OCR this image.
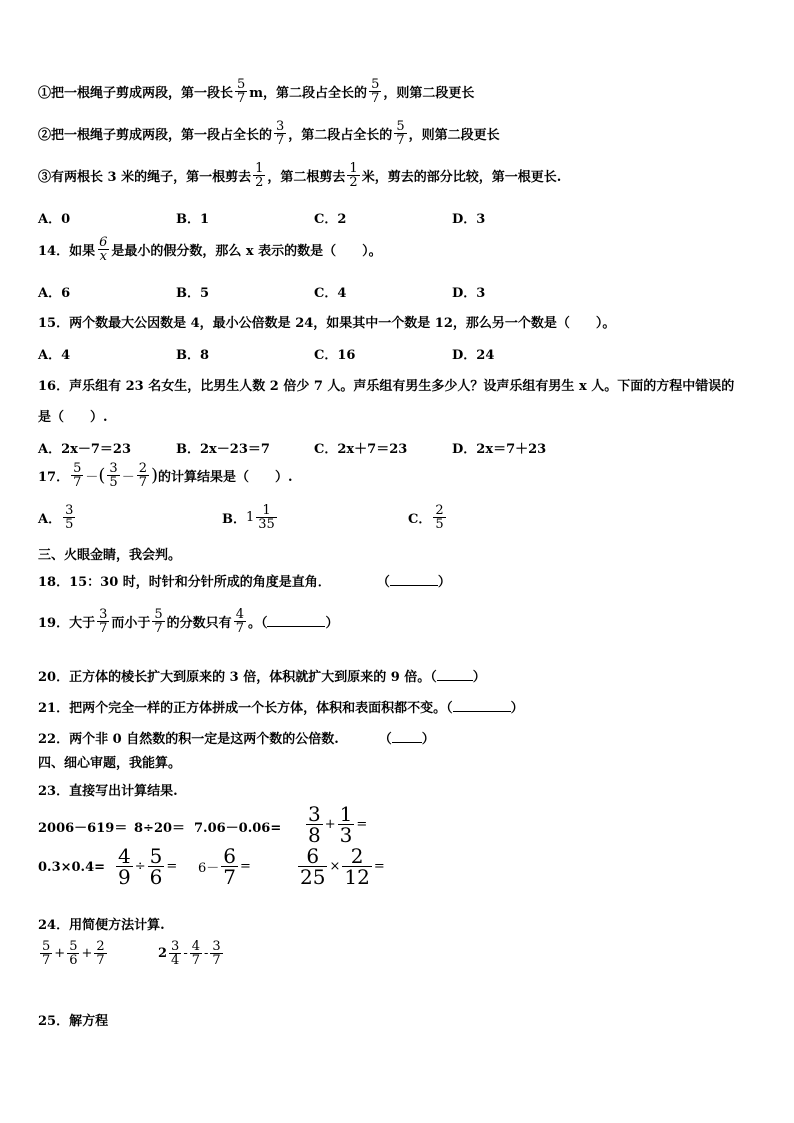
①把一根绳子剪成两段，第一段长 $\frac{5}{7}$ m，第二段占全长的 $\frac{5}{7}$ ，则第二段更长
②把一根绳子剪成两段，第一段占全长的 $\frac{3}{7}$ ，第二段占全长的 $\frac{5}{7}$ ，则第二段更长
③有两根长 3 米的绳子，第一根剪去 $\frac{1}{2}$ ，第二根剪去 $\frac{1}{2}$ 米，剪去的部分比较，第一根更长.
A．0	B．1	C．2	D．3
14．如果 $\frac{6}{x}$ 是最小的假分数，那么 x 表示的数是（　　）。
A．6	B．5	C．4	D．3
15．两个数最大公因数是 4，最小公倍数是 24，如果其中一个数是 12，那么另一个数是（　　）。
A．4	B．8	C．16	D．24
16．声乐组有 23 名女生，比男生人数 2 倍少 7 人。声乐组有男生多少人？设声乐组有男生 x 人。下面的方程中错误的
是（　　）.
A．2x－7＝23	B．2x－23＝7	C．2x＋7＝23	D．2x＝7＋23
17． $\frac{5}{7}$ － ( $\frac{3}{5} - \frac{2}{7}$ ) 的计算结果是（　　）.
A． $\frac{3}{5}$	B． $1 \frac{1}{35}$	C． $\frac{2}{5}$
三、火眼金睛，我会判。
18．15：30 时，时针和分针所成的角度是直角．	（	）
19．大于 $\frac{3}{7}$ 而小于 $\frac{5}{7}$ 的分数只有 $\frac{4}{7}$ 。（	）
20．正方体的棱长扩大到原来的 3 倍，体积就扩大到原来的 9 倍。（	）
21．把两个完全一样的正方体拼成一个长方体，体积和表面积都不变。（	）
22．两个非 0 自然数的积一定是这两个数的公倍数.	（ ）
四、细心审题，我能算。
23．直接写出计算结果.
$2006-619= 8\div 20= 7.06-0.06= \frac{3}{8} + \frac{1}{3}$ =
$0.3\times 0.4= \frac{4}{9} \div \frac{5}{6} = 6- \frac{6}{7} = \frac{6}{25} \times \frac{2}{12}$ =
24．用简便方法计算.
$\frac{5}{7} + \frac{5}{6} + \frac{2}{7}$	$2 \frac{3}{4} - \frac{4}{7} - \frac{3}{7}$
25．解方程
